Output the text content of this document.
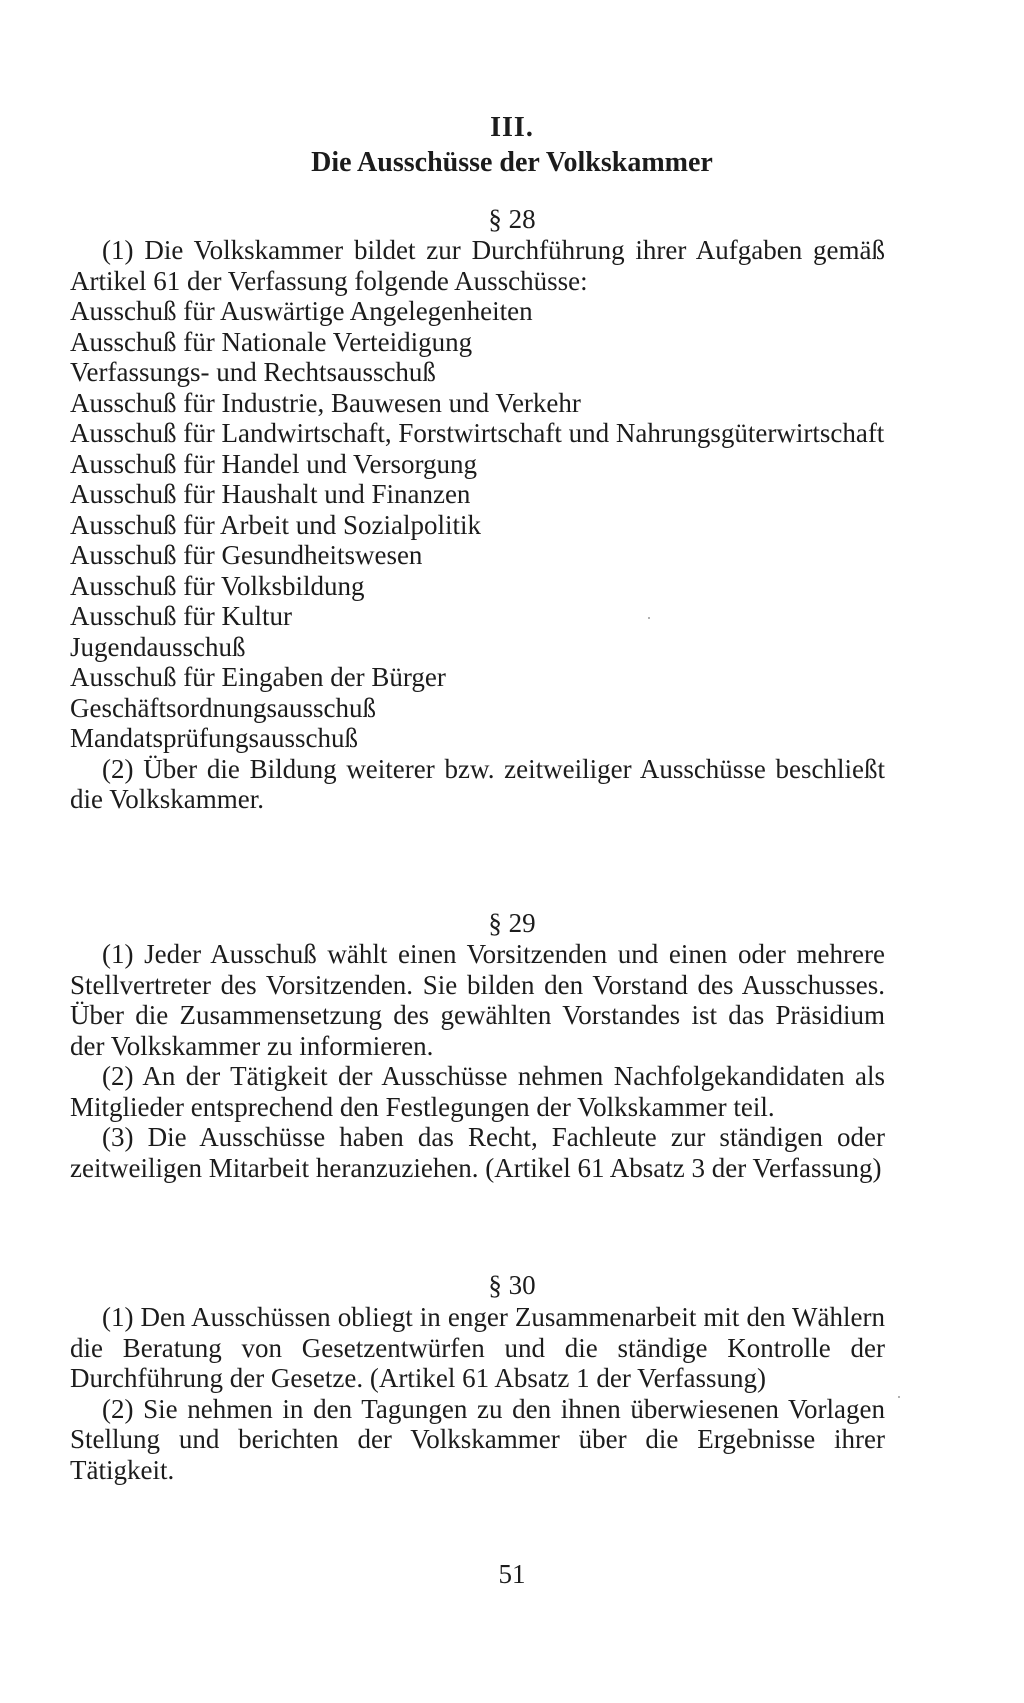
III.
Die Ausschüsse der Volkskammer
§ 28

(1) Die Volkskammer bildet zur Durchführung ihrer Aufgaben gemäß Artikel 61 der Verfassung folgende Ausschüsse:

Ausschuß für Auswärtige Angelegenheiten

Ausschuß für Nationale Verteidigung

Verfassungs- und Rechtsausschuß

Ausschuß für Industrie, Bauwesen und Verkehr

Ausschuß für Landwirtschaft, Forstwirtschaft und Nahrungsgüterwirtschaft

Ausschuß für Handel und Versorgung

Ausschuß für Haushalt und Finanzen

Ausschuß für Arbeit und Sozialpolitik

Ausschuß für Gesundheitswesen

Ausschuß für Volksbildung

Ausschuß für Kultur

Jugendausschuß

Ausschuß für Eingaben der Bürger

Geschäftsordnungsausschuß

Mandatsprüfungsausschuß

(2) Über die Bildung weiterer bzw. zeitweiliger Ausschüsse beschließt die Volkskammer.

§ 29

(1) Jeder Ausschuß wählt einen Vorsitzenden und einen oder mehrere Stellvertreter des Vorsitzenden. Sie bilden den Vorstand des Ausschusses. Über die Zusammensetzung des gewählten Vorstandes ist das Präsidium der Volkskammer zu informieren.

(2) An der Tätigkeit der Ausschüsse nehmen Nachfolgekandidaten als Mitglieder entsprechend den Festlegungen der Volkskammer teil.

(3) Die Ausschüsse haben das Recht, Fachleute zur ständigen oder zeitweiligen Mitarbeit heranzuziehen. (Artikel 61 Absatz 3 der Verfassung)

§ 30

(1) Den Ausschüssen obliegt in enger Zusammenarbeit mit den Wählern die Beratung von Gesetzentwürfen und die ständige Kontrolle der Durchführung der Gesetze. (Artikel 61 Absatz 1 der Verfassung)

(2) Sie nehmen in den Tagungen zu den ihnen überwiesenen Vorlagen Stellung und berichten der Volkskammer über die Ergebnisse ihrer Tätigkeit.

51
